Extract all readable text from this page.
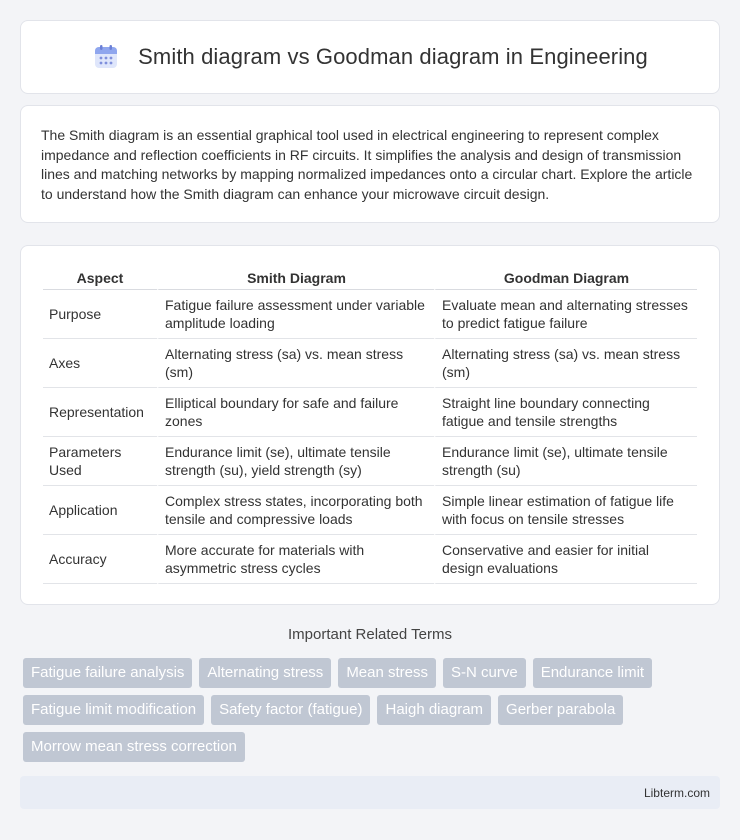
Smith diagram vs Goodman diagram in Engineering

The Smith diagram is an essential graphical tool used in electrical engineering to represent complex impedance and reflection coefficients in RF circuits. It simplifies the analysis and design of transmission lines and matching networks by mapping normalized impedances onto a circular chart. Explore the article to understand how the Smith diagram can enhance your microwave circuit design.

Aspect	Smith Diagram	Goodman Diagram
Purpose	Fatigue failure assessment under variable amplitude loading	Evaluate mean and alternating stresses to predict fatigue failure
Axes	Alternating stress (sa) vs. mean stress (sm)	Alternating stress (sa) vs. mean stress (sm)
Representation	Elliptical boundary for safe and failure zones	Straight line boundary connecting fatigue and tensile strengths
Parameters Used	Endurance limit (se), ultimate tensile strength (su), yield strength (sy)	Endurance limit (se), ultimate tensile strength (su)
Application	Complex stress states, incorporating both tensile and compressive loads	Simple linear estimation of fatigue life with focus on tensile stresses
Accuracy	More accurate for materials with asymmetric stress cycles	Conservative and easier for initial design evaluations
Important Related Terms
Fatigue failure analysis	Alternating stress	Mean stress	S-N curve	Endurance limit
Fatigue limit modification	Safety factor (fatigue)	Haigh diagram	Gerber parabola
Morrow mean stress correction
Libterm.com
